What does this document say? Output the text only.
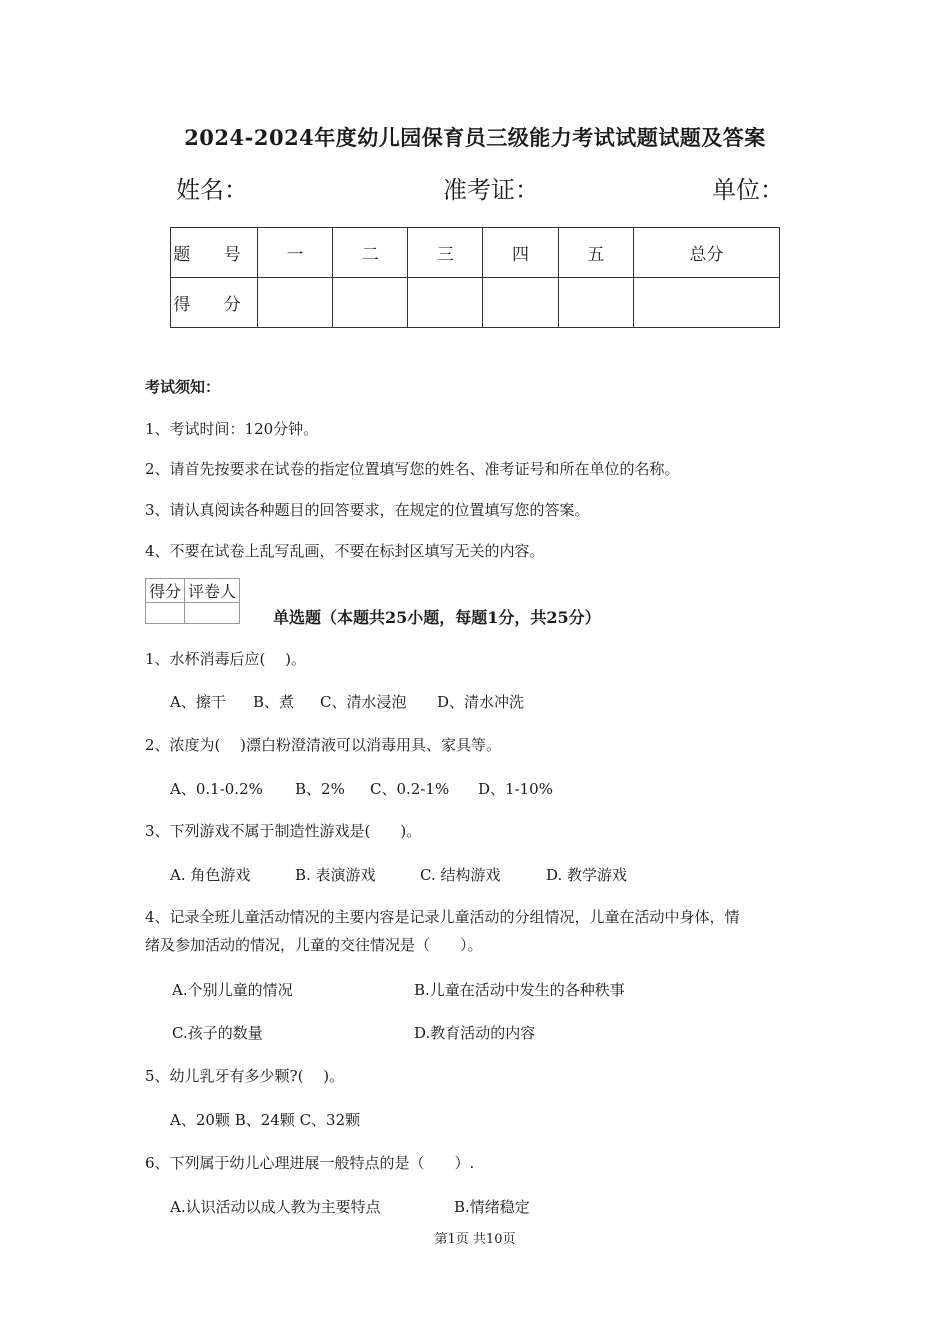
2024-2024年度幼儿园保育员三级能力考试试题试题及答案
姓名：	准考证：	单位：
题 号	一	二	三	四	五	总分
得 分						
考试须知：
1、考试时间：120分钟。
2、请首先按要求在试卷的指定位置填写您的姓名、准考证号和所在单位的名称。
3、请认真阅读各种题目的回答要求，在规定的位置填写您的答案。
4、不要在试卷上乱写乱画，不要在标封区填写无关的内容。
得分	评卷人

单选题（本题共25小题，每题1分，共25分）
1、水杯消毒后应(　 )。
A、擦干 B、煮 C、清水浸泡 D、清水冲洗
2、浓度为(　 )漂白粉澄清液可以消毒用具、家具等。
A、0.1-0.2% B、2% C、0.2-1% D、1-10%
3、下列游戏不属于制造性游戏是(　　)。
A. 角色游戏	B. 表演游戏	C. 结构游戏	D. 教学游戏
4、记录全班儿童活动情况的主要内容是记录儿童活动的分组情况，儿童在活动中身体，情
绪及参加活动的情况，儿童的交往情况是（　　）。
A.个别儿童的情况	B.儿童在活动中发生的各种秩事
C.孩子的数量	D.教育活动的内容
5、幼儿乳牙有多少颗?(　 )。
A、20颗 B、24颗 C、32颗
6、下列属于幼儿心理进展一般特点的是（　　）.
A.认识活动以成人教为主要特点	B.情绪稳定
第1页 共10页
